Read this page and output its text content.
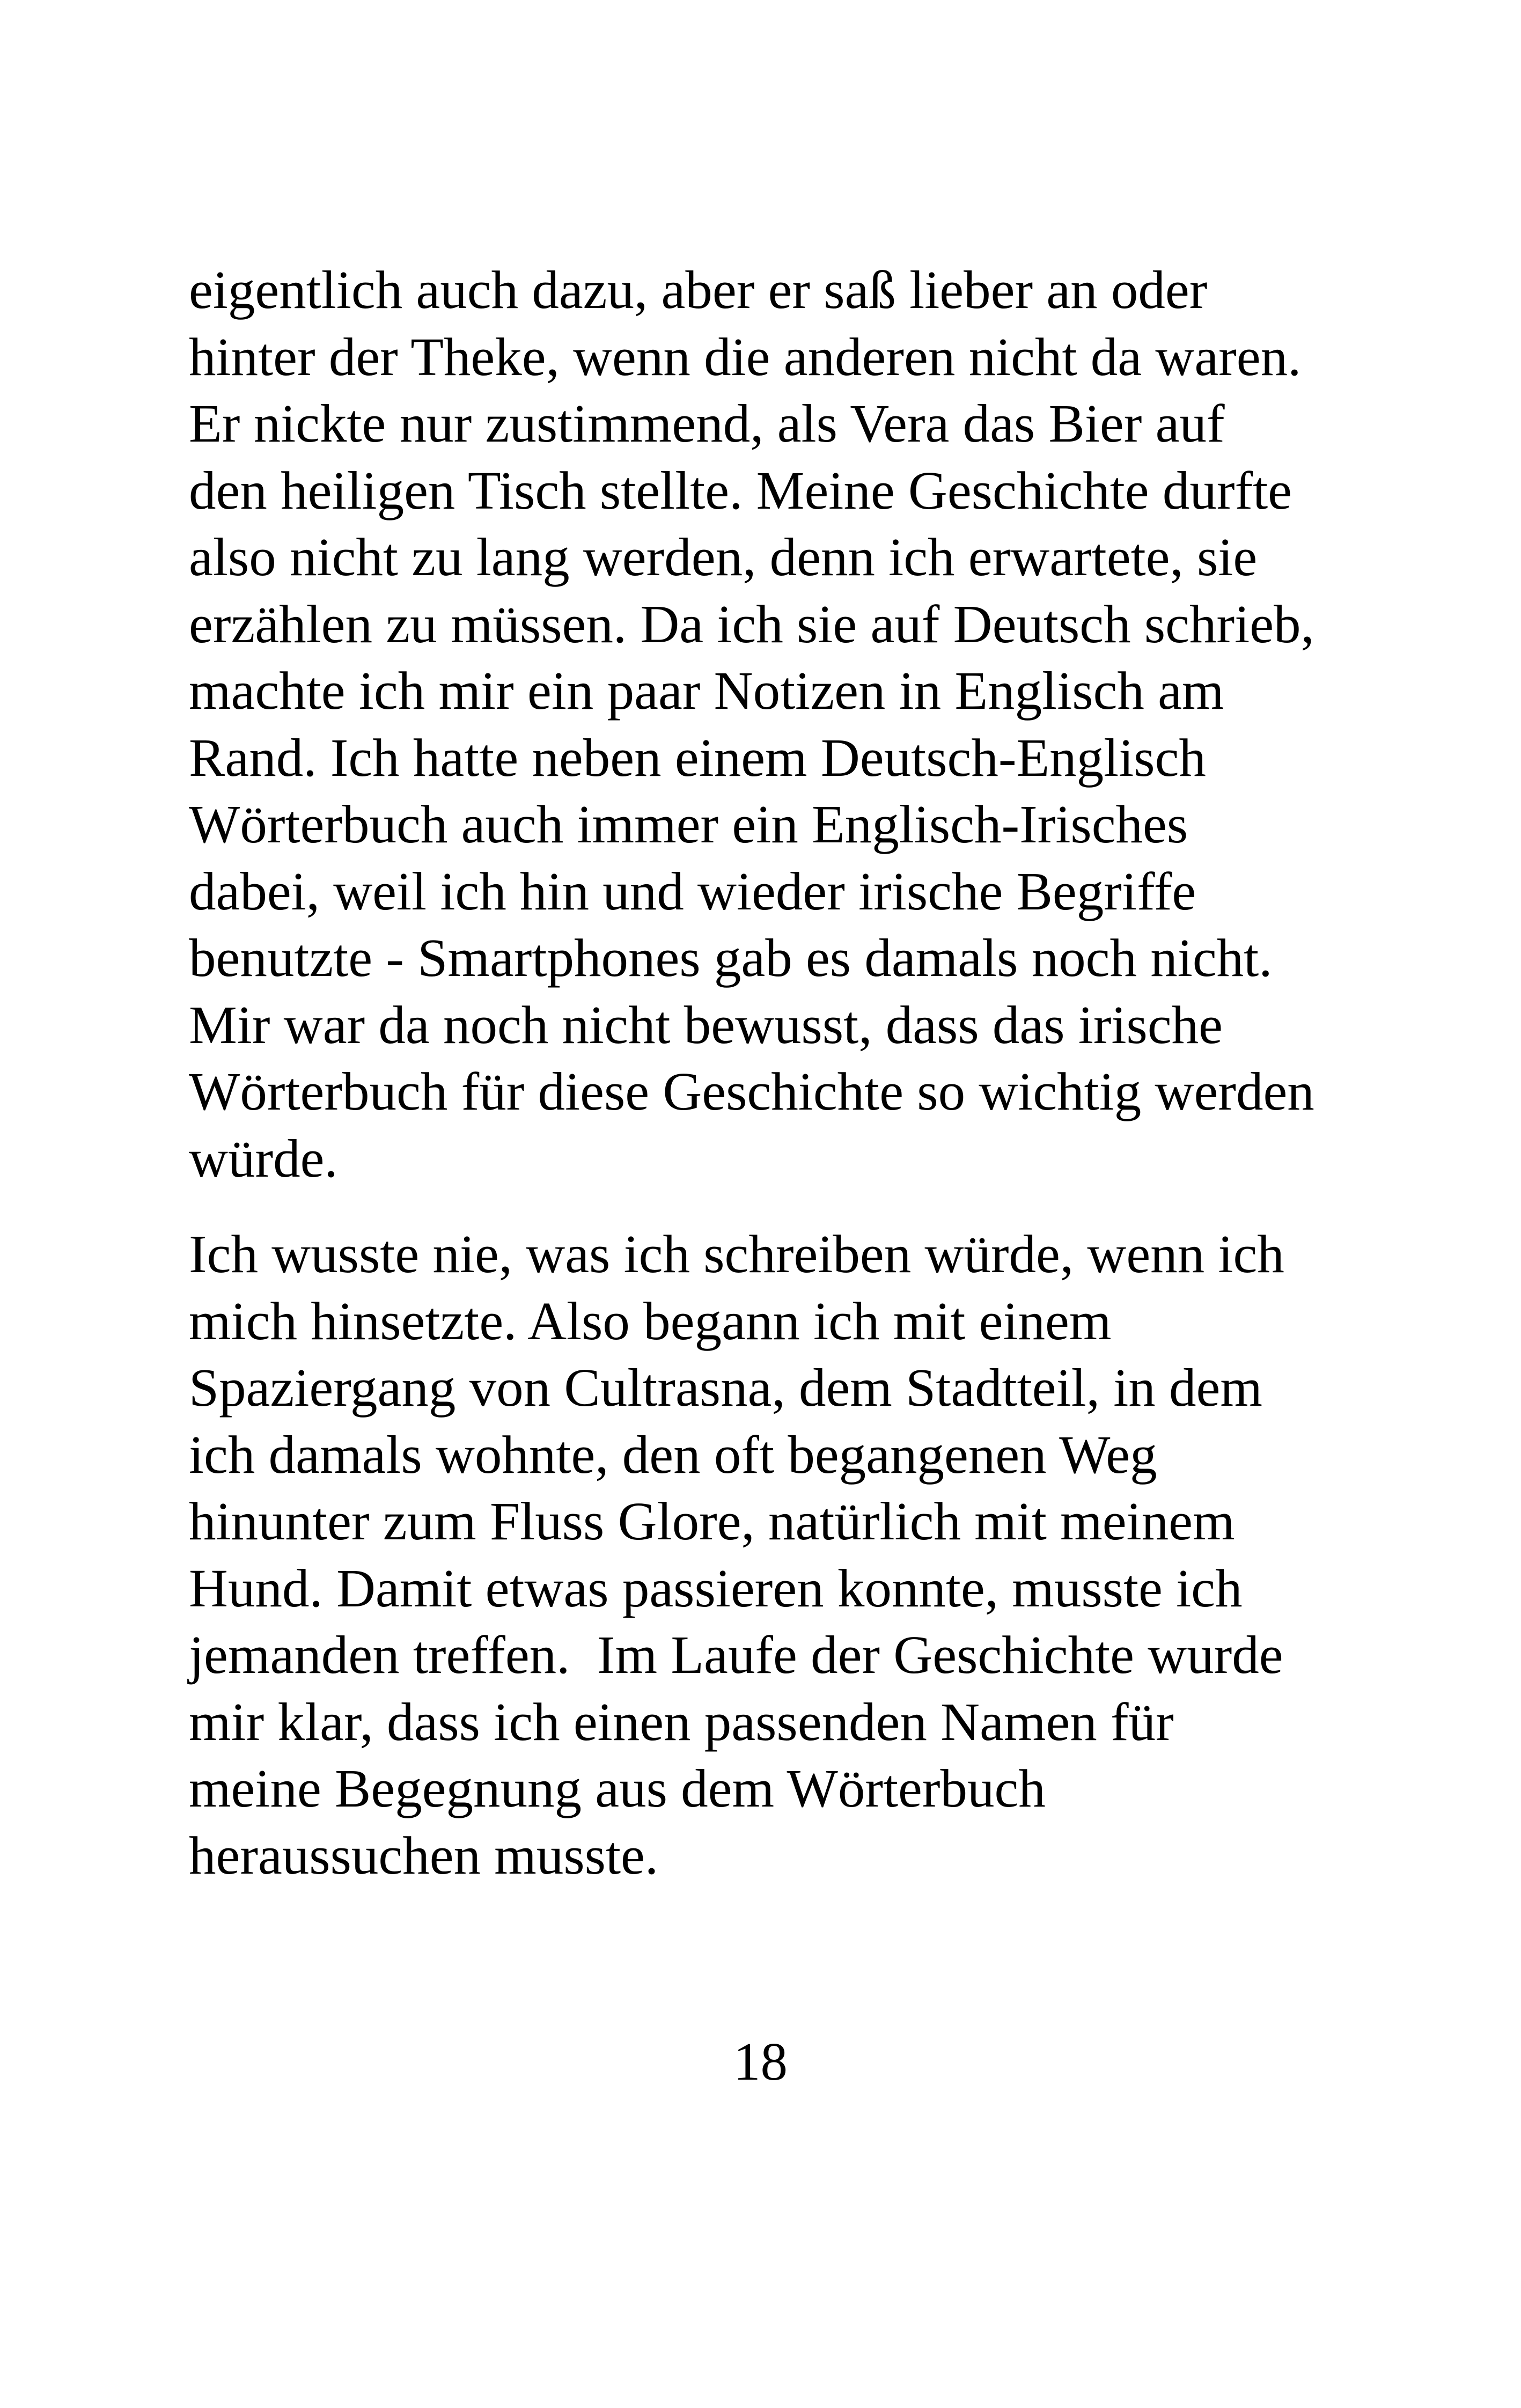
eigentlich auch dazu, aber er saß lieber an oder
hinter der Theke, wenn die anderen nicht da waren.
Er nickte nur zustimmend, als Vera das Bier auf
den heiligen Tisch stellte. Meine Geschichte durfte
also nicht zu lang werden, denn ich erwartete, sie
erzählen zu müssen. Da ich sie auf Deutsch schrieb,
machte ich mir ein paar Notizen in Englisch am
Rand. Ich hatte neben einem Deutsch-Englisch
Wörterbuch auch immer ein Englisch-Irisches
dabei, weil ich hin und wieder irische Begriffe
benutzte - Smartphones gab es damals noch nicht.
Mir war da noch nicht bewusst, dass das irische
Wörterbuch für diese Geschichte so wichtig werden
würde.

Ich wusste nie, was ich schreiben würde, wenn ich
mich hinsetzte. Also begann ich mit einem
Spaziergang von Cultrasna, dem Stadtteil, in dem
ich damals wohnte, den oft begangenen Weg
hinunter zum Fluss Glore, natürlich mit meinem
Hund. Damit etwas passieren konnte, musste ich
jemanden treffen.  Im Laufe der Geschichte wurde
mir klar, dass ich einen passenden Namen für
meine Begegnung aus dem Wörterbuch
heraussuchen musste.

18
